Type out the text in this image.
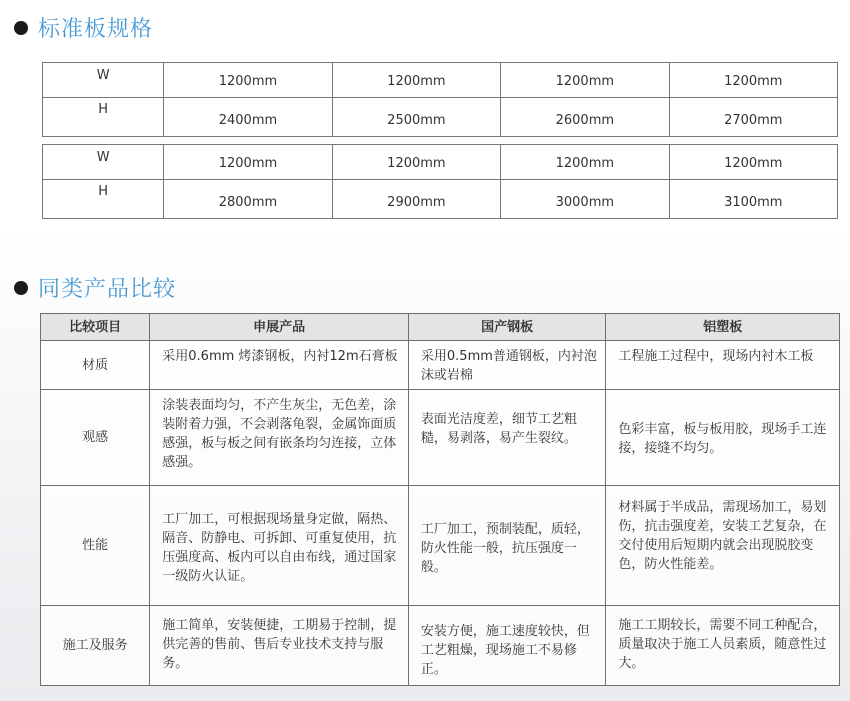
标准板规格
W	1200mm	1200mm	1200mm	1200mm
H	2400mm	2500mm	2600mm	2700mm
W	1200mm	1200mm	1200mm	1200mm
H	2800mm	2900mm	3000mm	3100mm
同类产品比较
比较项目	申展产品	国产钢板	铝塑板
材质	采用0.6mm 烤漆钢板，内衬12m石膏板	采用0.5mm普通钢板，内衬泡沫或岩棉	工程施工过程中，现场内衬木工板
观感	涂装表面均匀，不产生灰尘，无色差，涂装附着力强，不会剥落龟裂，金属饰面质感强，板与板之间有嵌条均匀连接，立体感强。	表面光洁度差，细节工艺粗糙，易剥落，易产生裂纹。	色彩丰富，板与板用胶，现场手工连接，接缝不均匀。
性能	工厂加工，可根据现场量身定做，隔热、隔音、防静电、可拆卸、可重复使用，抗压强度高、板内可以自由布线，通过国家一级防火认证。	工厂加工，预制装配，质轻，防火性能一般，抗压强度一般。	材料属于半成品，需现场加工，易划伤，抗击强度差，安装工艺复杂，在交付使用后短期内就会出现脱胶变色，防火性能差。
施工及服务	施工简单，安装便捷，工期易于控制，提供完善的售前、售后专业技术支持与服务。	安装方便，施工速度较快，但工艺粗燥，现场施工不易修正。	施工工期较长，需要不同工种配合，质量取决于施工人员素质，随意性过大。
